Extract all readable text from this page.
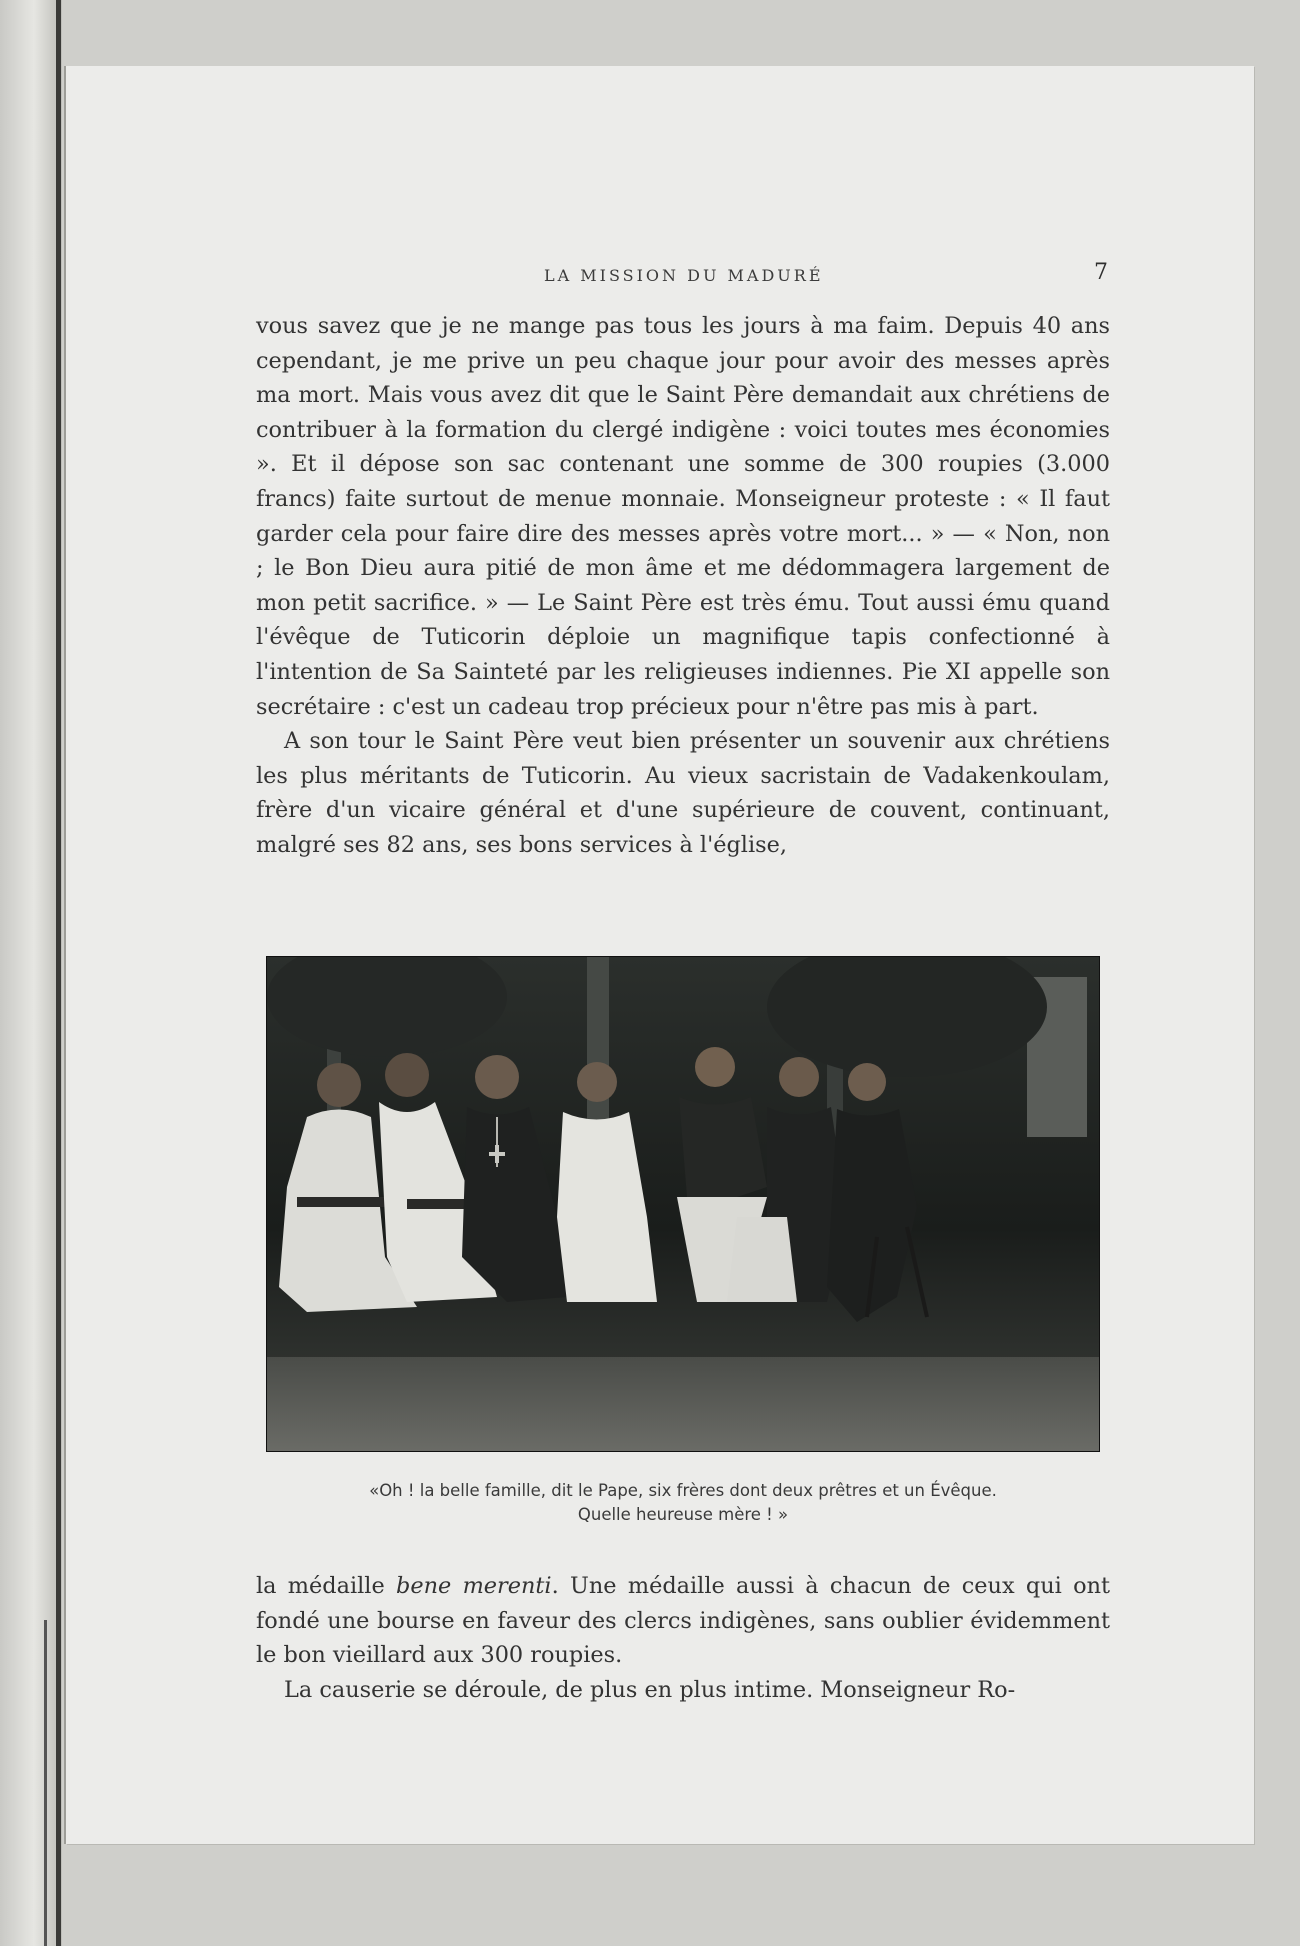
LA MISSION DU MADURÉ	7

vous savez que je ne mange pas tous les jours à ma faim. Depuis 40 ans cependant, je me prive un peu chaque jour pour avoir des messes après ma mort. Mais vous avez dit que le Saint Père demandait aux chrétiens de contribuer à la formation du clergé indigène : voici toutes mes économies ». Et il dépose son sac contenant une somme de 300 roupies (3.000 francs) faite surtout de menue monnaie. Monseigneur proteste : « Il faut garder cela pour faire dire des messes après votre mort... » — « Non, non ; le Bon Dieu aura pitié de mon âme et me dédommagera largement de mon petit sacrifice. » — Le Saint Père est très ému. Tout aussi ému quand l'évêque de Tuticorin déploie un magnifique tapis confectionné à l'intention de Sa Sainteté par les religieuses indiennes. Pie XI appelle son secrétaire : c'est un cadeau trop précieux pour n'être pas mis à part.

A son tour le Saint Père veut bien présenter un souvenir aux chrétiens les plus méritants de Tuticorin. Au vieux sacristain de Vadakenkoulam, frère d'un vicaire général et d'une supérieure de couvent, continuant, malgré ses 82 ans, ses bons services à l'église,

«Oh ! la belle famille, dit le Pape, six frères dont deux prêtres et un Évêque.
Quelle heureuse mère ! »

la médaille bene merenti. Une médaille aussi à chacun de ceux qui ont fondé une bourse en faveur des clercs indigènes, sans oublier évidemment le bon vieillard aux 300 roupies.

La causerie se déroule, de plus en plus intime. Monseigneur Ro-
